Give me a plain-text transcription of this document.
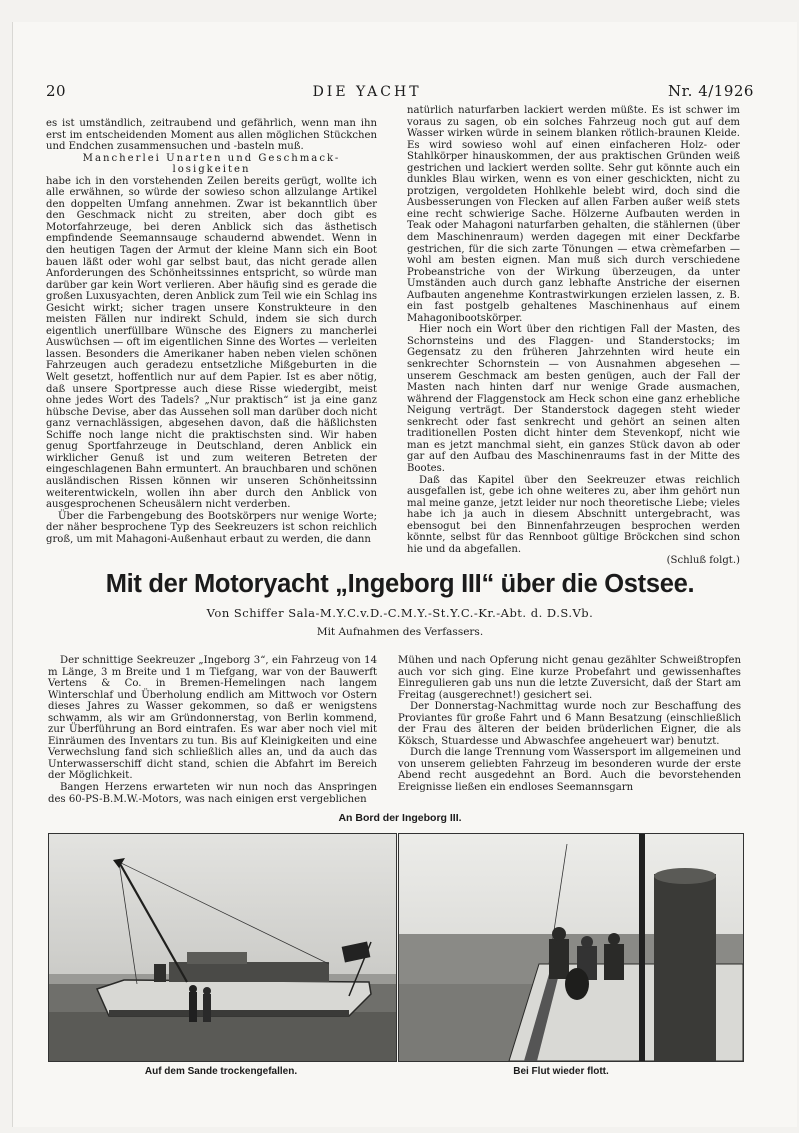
20	DIE YACHT	Nr. 4/1926

es ist umständlich, zeitraubend und gefährlich, wenn man ihn erst im entscheidenden Moment aus allen möglichen Stückchen und Endchen zusammensuchen und -basteln muß.

Mancherlei Unarten und Geschmack-losigkeiten

habe ich in den vorstehenden Zeilen bereits gerügt, wollte ich alle erwähnen, so würde der sowieso schon allzulange Artikel den doppelten Umfang annehmen. Zwar ist bekanntlich über den Geschmack nicht zu streiten, aber doch gibt es Motorfahrzeuge, bei deren Anblick sich das ästhetisch empfindende Seemannsauge schaudernd abwendet. Wenn in den heutigen Tagen der Armut der kleine Mann sich ein Boot bauen läßt oder wohl gar selbst baut, das nicht gerade allen Anforderungen des Schönheitssinnes entspricht, so würde man darüber gar kein Wort verlieren. Aber häufig sind es gerade die großen Luxusyachten, deren Anblick zum Teil wie ein Schlag ins Gesicht wirkt; sicher tragen unsere Konstrukteure in den meisten Fällen nur indirekt Schuld, indem sie sich durch eigentlich unerfüllbare Wünsche des Eigners zu mancherlei Auswüchsen — oft im eigentlichen Sinne des Wortes — verleiten lassen. Besonders die Amerikaner haben neben vielen schönen Fahrzeugen auch geradezu entsetzliche Mißgeburten in die Welt gesetzt, hoffentlich nur auf dem Papier. Ist es aber nötig, daß unsere Sportpresse auch diese Risse wiedergibt, meist ohne jedes Wort des Tadels? „Nur praktisch“ ist ja eine ganz hübsche Devise, aber das Aussehen soll man darüber doch nicht ganz vernachlässigen, abgesehen davon, daß die häßlichsten Schiffe noch lange nicht die praktischsten sind. Wir haben genug Sportfahrzeuge in Deutschland, deren Anblick ein wirklicher Genuß ist und zum weiteren Betreten der eingeschlagenen Bahn ermuntert. An brauchbaren und schönen ausländischen Rissen können wir unseren Schönheitssinn weiterentwickeln, wollen ihn aber durch den Anblick von ausgesprochenen Scheusälern nicht verderben.

Über die Farbengebung des Bootskörpers nur wenige Worte; der näher besprochene Typ des Seekreuzers ist schon reichlich groß, um mit Mahagoni-Außenhaut erbaut zu werden, die dann

natürlich naturfarben lackiert werden müßte. Es ist schwer im voraus zu sagen, ob ein solches Fahrzeug noch gut auf dem Wasser wirken würde in seinem blanken rötlich-braunen Kleide. Es wird sowieso wohl auf einen einfacheren Holz- oder Stahlkörper hinauskommen, der aus praktischen Gründen weiß gestrichen und lackiert werden sollte. Sehr gut könnte auch ein dunkles Blau wirken, wenn es von einer geschickten, nicht zu protzigen, vergoldeten Hohlkehle belebt wird, doch sind die Ausbesserungen von Flecken auf allen Farben außer weiß stets eine recht schwierige Sache. Hölzerne Aufbauten werden in Teak oder Mahagoni naturfarben gehalten, die stählernen (über dem Maschinenraum) werden dagegen mit einer Deckfarbe gestrichen, für die sich zarte Tönungen — etwa crèmefarben — wohl am besten eignen. Man muß sich durch verschiedene Probeanstriche von der Wirkung überzeugen, da unter Umständen auch durch ganz lebhafte Anstriche der eisernen Aufbauten angenehme Kontrastwirkungen erzielen lassen, z. B. ein fast postgelb gehaltenes Maschinenhaus auf einem Mahagonibootskörper.

Hier noch ein Wort über den richtigen Fall der Masten, des Schornsteins und des Flaggen- und Standerstocks; im Gegensatz zu den früheren Jahrzehnten wird heute ein senkrechter Schornstein — von Ausnahmen abgesehen — unserem Geschmack am besten genügen, auch der Fall der Masten nach hinten darf nur wenige Grade ausmachen, während der Flaggenstock am Heck schon eine ganz erhebliche Neigung verträgt. Der Standerstock dagegen steht wieder senkrecht oder fast senkrecht und gehört an seinen alten traditionellen Posten dicht hinter dem Stevenkopf, nicht wie man es jetzt manchmal sieht, ein ganzes Stück davon ab oder gar auf den Aufbau des Maschinenraums fast in der Mitte des Bootes.

Daß das Kapitel über den Seekreuzer etwas reichlich ausgefallen ist, gebe ich ohne weiteres zu, aber ihm gehört nun mal meine ganze, jetzt leider nur noch theoretische Liebe; vieles habe ich ja auch in diesem Abschnitt untergebracht, was ebensogut bei den Binnenfahrzeugen besprochen werden könnte, selbst für das Rennboot gültige Bröckchen sind schon hie und da abgefallen.

(Schluß folgt.)

Mit der Motoryacht „Ingeborg III“ über die Ostsee.
Von Schiffer Sala-M.Y.C.v.D.-C.M.Y.-St.Y.C.-Kr.-Abt. d. D.S.Vb.
Mit Aufnahmen des Verfassers.

Der schnittige Seekreuzer „Ingeborg 3“, ein Fahrzeug von 14 m Länge, 3 m Breite und 1 m Tiefgang, war von der Bauwerft Vertens & Co. in Bremen-Hemelingen nach langem Winterschlaf und Überholung endlich am Mittwoch vor Ostern dieses Jahres zu Wasser gekommen, so daß er wenigstens schwamm, als wir am Gründonnerstag, von Berlin kommend, zur Überführung an Bord eintrafen. Es war aber noch viel mit Einräumen des Inventars zu tun. Bis auf Kleinigkeiten und eine Verwechslung fand sich schließlich alles an, und da auch das Unterwasserschiff dicht stand, schien die Abfahrt im Bereich der Möglichkeit.

Bangen Herzens erwarteten wir nun noch das Anspringen des 60-PS-B.M.W.-Motors, was nach einigen erst vergeblichen

Mühen und nach Opferung nicht genau gezählter Schweißtropfen auch vor sich ging. Eine kurze Probefahrt und gewissenhaftes Einregulieren gab uns nun die letzte Zuversicht, daß der Start am Freitag (ausgerechnet!) gesichert sei.

Der Donnerstag-Nachmittag wurde noch zur Beschaffung des Proviantes für große Fahrt und 6 Mann Besatzung (einschließlich der Frau des älteren der beiden brüderlichen Eigner, die als Köksch, Stuardesse und Abwaschfee angeheuert war) benutzt.

Durch die lange Trennung vom Wassersport im allgemeinen und von unserem geliebten Fahrzeug im besonderen wurde der erste Abend recht ausgedehnt an Bord. Auch die bevorstehenden Ereignisse ließen ein endloses Seemannsgarn

An Bord der Ingeborg III.
Auf dem Sande trockengefallen.	Bei Flut wieder flott.
